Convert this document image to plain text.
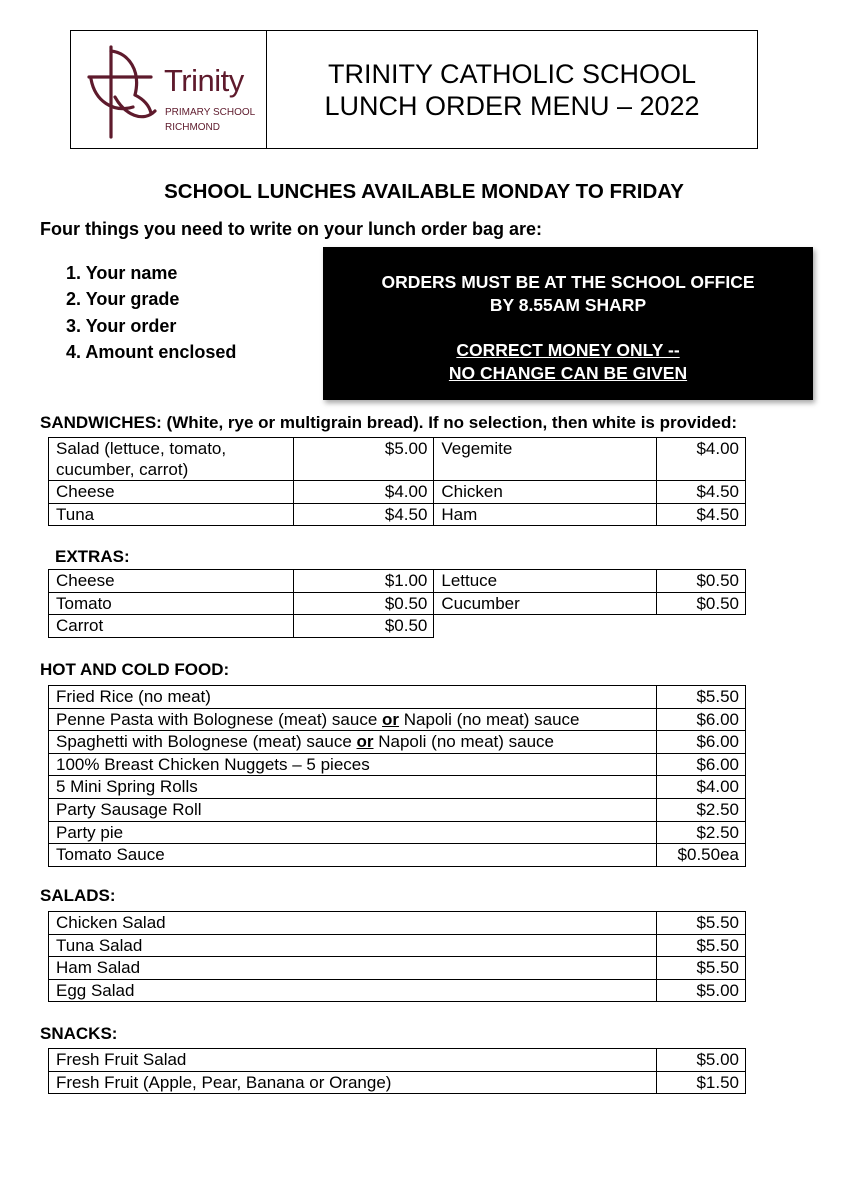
Trinity
PRIMARY SCHOOL
RICHMOND
TRINITY CATHOLIC SCHOOL
LUNCH ORDER MENU – 2022
SCHOOL LUNCHES AVAILABLE MONDAY TO FRIDAY
Four things you need to write on your lunch order bag are:
1. Your name
2. Your grade
3. Your order
4. Amount enclosed
ORDERS MUST BE AT THE SCHOOL OFFICE
BY 8.55AM SHARP
CORRECT MONEY ONLY --
NO CHANGE CAN BE GIVEN
SANDWICHES: (White, rye or multigrain bread). If no selection, then white is provided:
Salad (lettuce, tomato, cucumber, carrot)	$5.00	Vegemite	$4.00
Cheese	$4.00	Chicken	$4.50
Tuna	$4.50	Ham	$4.50
EXTRAS:
Cheese	$1.00	Lettuce	$0.50
Tomato	$0.50	Cucumber	$0.50
Carrot	$0.50		
HOT AND COLD FOOD:
Fried Rice (no meat)	$5.50
Penne Pasta with Bolognese (meat) sauce or Napoli (no meat) sauce	$6.00
Spaghetti with Bolognese (meat) sauce or Napoli (no meat) sauce	$6.00
100% Breast Chicken Nuggets – 5 pieces	$6.00
5 Mini Spring Rolls	$4.00
Party Sausage Roll	$2.50
Party pie	$2.50
Tomato Sauce	$0.50ea
SALADS:
Chicken Salad	$5.50
Tuna Salad	$5.50
Ham Salad	$5.50
Egg Salad	$5.00
SNACKS:
Fresh Fruit Salad	$5.00
Fresh Fruit (Apple, Pear, Banana or Orange)	$1.50
